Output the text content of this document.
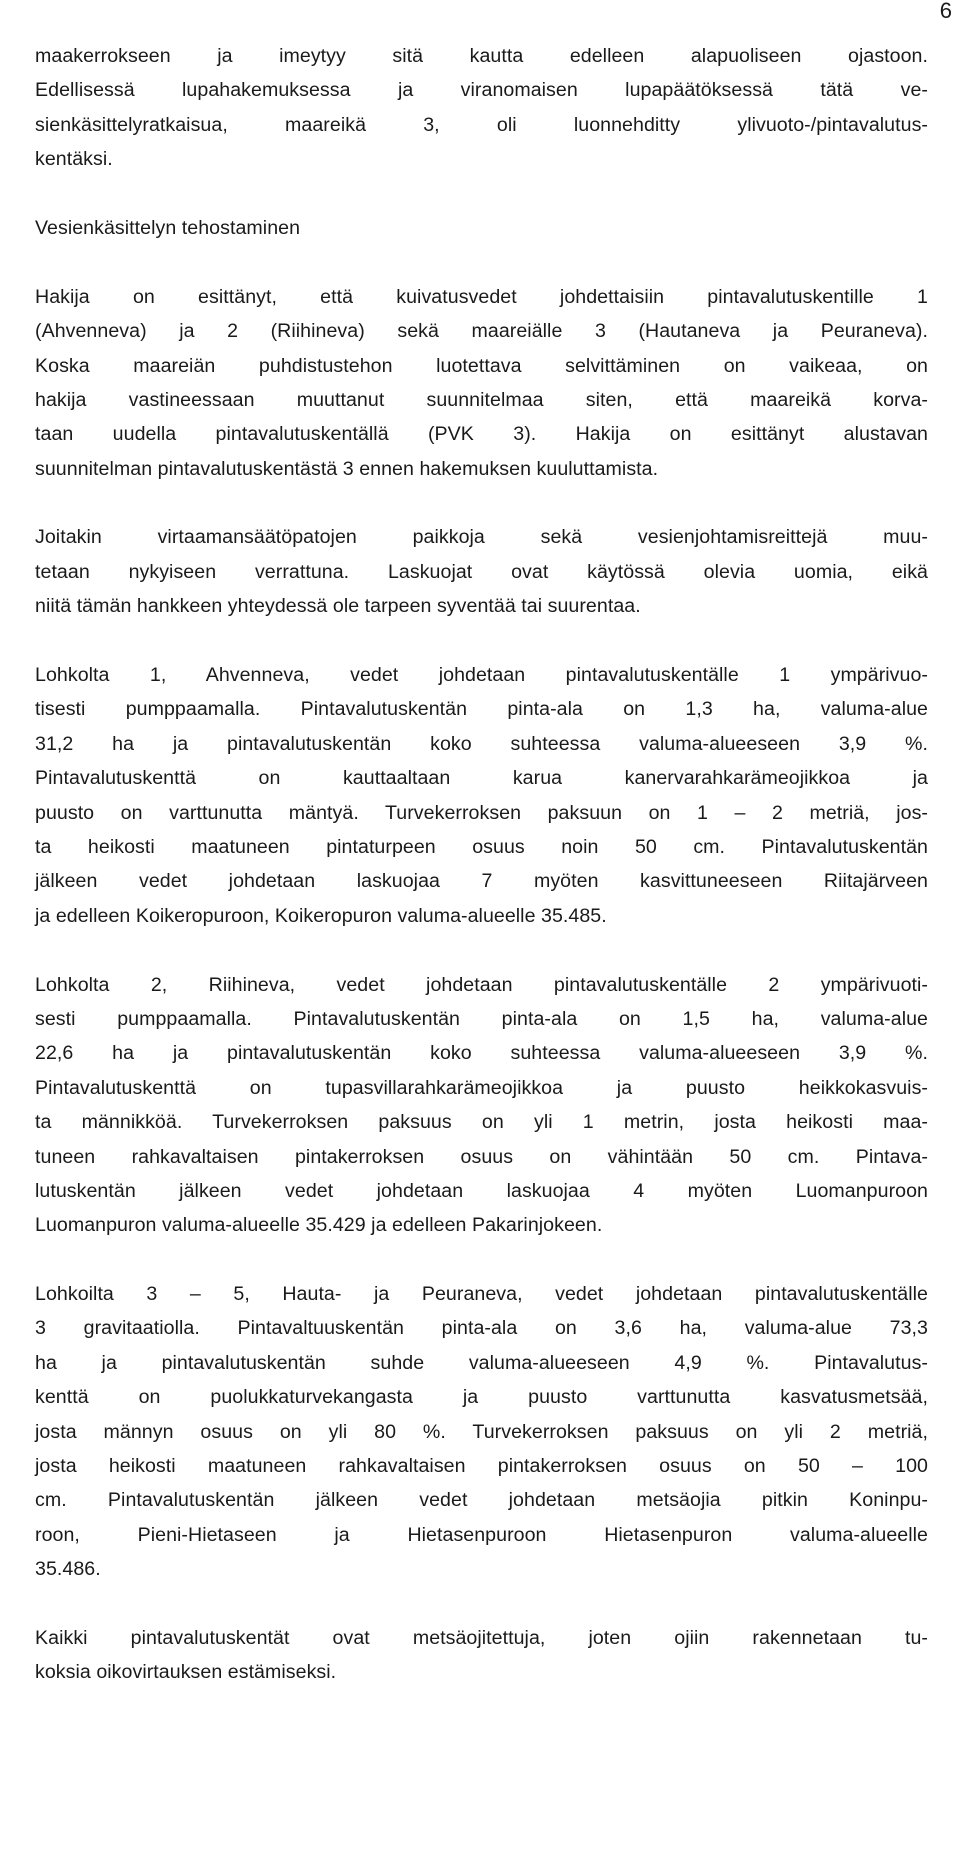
6
maakerrokseen ja imeytyy sitä kautta edelleen alapuoliseen ojastoon.
Edellisessä lupahakemuksessa ja viranomaisen lupapäätöksessä tätä ve-
sienkäsittelyratkaisua, maareikä 3, oli luonnehditty ylivuoto-/pintavalutus-
kentäksi.
Vesienkäsittelyn tehostaminen
Hakija on esittänyt, että kuivatusvedet johdettaisiin pintavalutuskentille 1
(Ahvenneva) ja 2 (Riihineva) sekä maareiälle 3 (Hautaneva ja Peuraneva).
Koska maareiän puhdistustehon luotettava selvittäminen on vaikeaa, on
hakija vastineessaan muuttanut suunnitelmaa siten, että maareikä korva-
taan uudella pintavalutuskentällä (PVK 3). Hakija on esittänyt alustavan
suunnitelman pintavalutuskentästä 3 ennen hakemuksen kuuluttamista.
Joitakin virtaamansäätöpatojen paikkoja sekä vesienjohtamisreittejä muu-
tetaan nykyiseen verrattuna. Laskuojat ovat käytössä olevia uomia, eikä
niitä tämän hankkeen yhteydessä ole tarpeen syventää tai suurentaa.
Lohkolta 1, Ahvenneva, vedet johdetaan pintavalutuskentälle 1 ympärivuo-
tisesti pumppaamalla. Pintavalutuskentän pinta-ala on 1,3 ha, valuma-alue
31,2 ha ja pintavalutuskentän koko suhteessa valuma-alueeseen 3,9 %.
Pintavalutuskenttä on kauttaaltaan karua kanervarahkarämeojikkoa ja
puusto on varttunutta mäntyä. Turvekerroksen paksuun on 1 – 2 metriä, jos-
ta heikosti maatuneen pintaturpeen osuus noin 50 cm. Pintavalutuskentän
jälkeen vedet johdetaan laskuojaa 7 myöten kasvittuneeseen Riitajärveen
ja edelleen Koikeropuroon, Koikeropuron valuma-alueelle 35.485.
Lohkolta 2, Riihineva, vedet johdetaan pintavalutuskentälle 2 ympärivuoti-
sesti pumppaamalla. Pintavalutuskentän pinta-ala on 1,5 ha, valuma-alue
22,6 ha ja pintavalutuskentän koko suhteessa valuma-alueeseen 3,9 %.
Pintavalutuskenttä on tupasvillarahkarämeojikkoa ja puusto heikkokasvuis-
ta männikköä. Turvekerroksen paksuus on yli 1 metrin, josta heikosti maa-
tuneen rahkavaltaisen pintakerroksen osuus on vähintään 50 cm. Pintava-
lutuskentän jälkeen vedet johdetaan laskuojaa 4 myöten Luomanpuroon
Luomanpuron valuma-alueelle 35.429 ja edelleen Pakarinjokeen.
Lohkoilta 3 – 5, Hauta- ja Peuraneva, vedet johdetaan pintavalutuskentälle
3 gravitaatiolla. Pintavaltuuskentän pinta-ala on 3,6 ha, valuma-alue 73,3
ha ja pintavalutuskentän suhde valuma-alueeseen 4,9 %. Pintavalutus-
kenttä on puolukkaturvekangasta ja puusto varttunutta kasvatusmetsää,
josta männyn osuus on yli 80 %. Turvekerroksen paksuus on yli 2 metriä,
josta heikosti maatuneen rahkavaltaisen pintakerroksen osuus on 50 – 100
cm. Pintavalutuskentän jälkeen vedet johdetaan metsäojia pitkin Koninpu-
roon, Pieni-Hietaseen ja Hietasenpuroon Hietasenpuron valuma-alueelle
35.486.
Kaikki pintavalutuskentät ovat metsäojitettuja, joten ojiin rakennetaan tu-
koksia oikovirtauksen estämiseksi.
